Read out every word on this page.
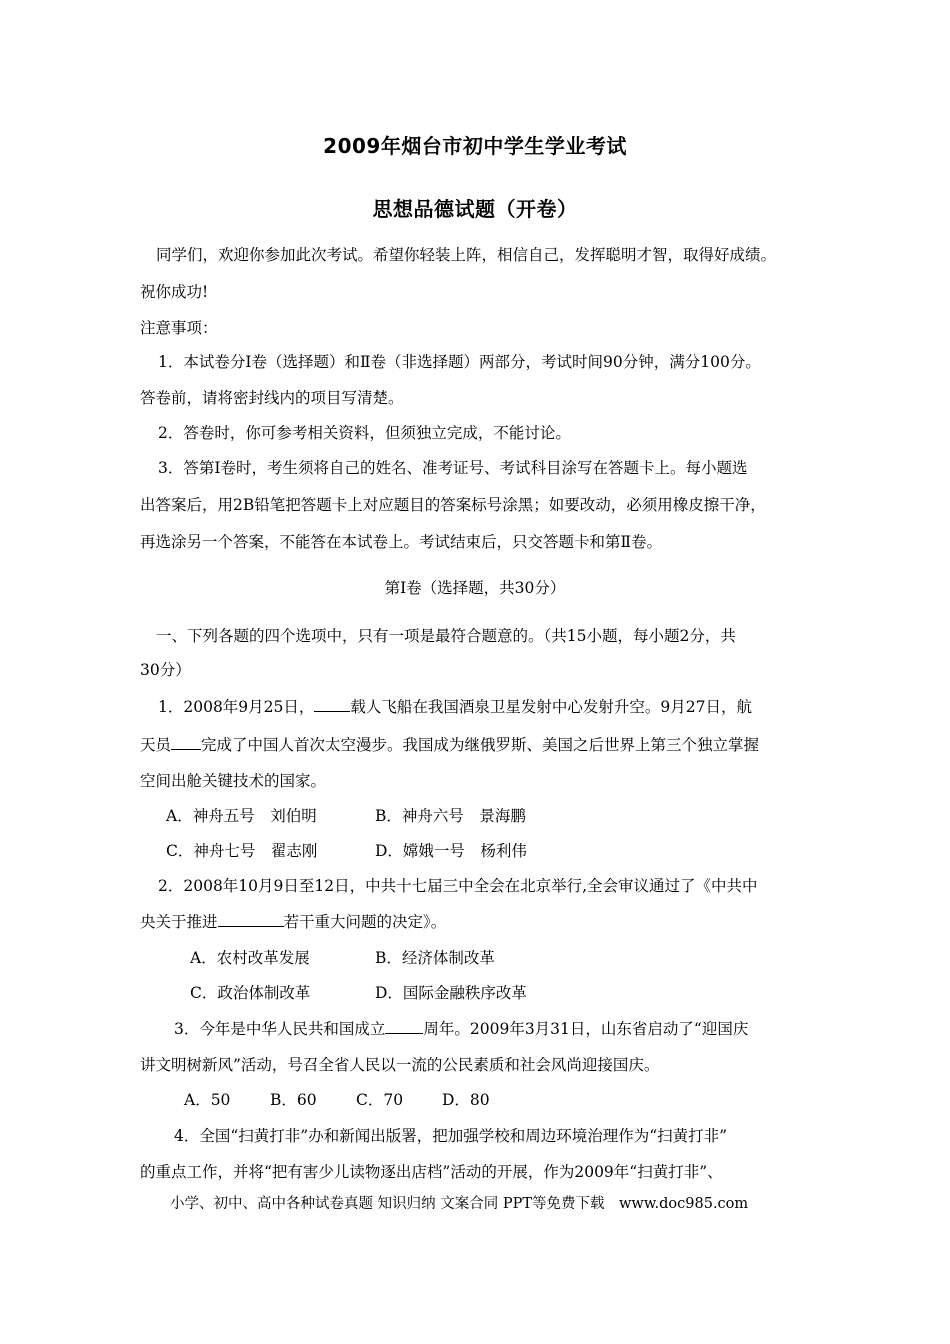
2009年烟台市初中学生学业考试
思想品德试题（开卷）
同学们，欢迎你参加此次考试。希望你轻装上阵，相信自己，发挥聪明才智，取得好成绩。
祝你成功!
注意事项：
1．本试卷分Ⅰ卷（选择题）和Ⅱ卷（非选择题）两部分，考试时间90分钟，满分100分。
答卷前，请将密封线内的项目写清楚。
2．答卷时，你可参考相关资料，但须独立完成，不能讨论。
3．答第Ⅰ卷时，考生须将自己的姓名、准考证号、考试科目涂写在答题卡上。每小题选
出答案后，用2B铅笔把答题卡上对应题目的答案标号涂黑；如要改动，必须用橡皮擦干净，
再选涂另一个答案，不能答在本试卷上。考试结束后，只交答题卡和第Ⅱ卷。
第Ⅰ卷（选择题，共30分）
一、下列各题的四个选项中，只有一项是最符合题意的。（共15小题，每小题2分，共
30分）
1．2008年9月25日， 载人飞船在我国酒泉卫星发射中心发射升空。9月27日，航
天员 完成了中国人首次太空漫步。我国成为继俄罗斯、美国之后世界上第三个独立掌握
空间出舱关键技术的国家。
A．神舟五号　刘伯明	B．神舟六号　景海鹏
C．神舟七号　翟志刚	D．嫦娥一号　杨利伟
2．2008年10月9日至12日，中共十七届三中全会在北京举行,全会审议通过了《中共中
央关于推进	若干重大问题的决定》。
A．农村改革发展	B．经济体制改革
C．政治体制改革	D．国际金融秩序改革
3．今年是中华人民共和国成立 周年。2009年3月31日，山东省启动了“迎国庆
讲文明树新风”活动，号召全省人民以一流的公民素质和社会风尚迎接国庆。
A．50	B．60	C．70	D．80
4．全国“扫黄打非”办和新闻出版署，把加强学校和周边环境治理作为“扫黄打非”
的重点工作，并将“把有害少儿读物逐出店档”活动的开展，作为2009年“扫黄打非”、
小学、初中、高中各种试卷真题 知识归纳 文案合同 PPT等免费下载　www.doc985.com
